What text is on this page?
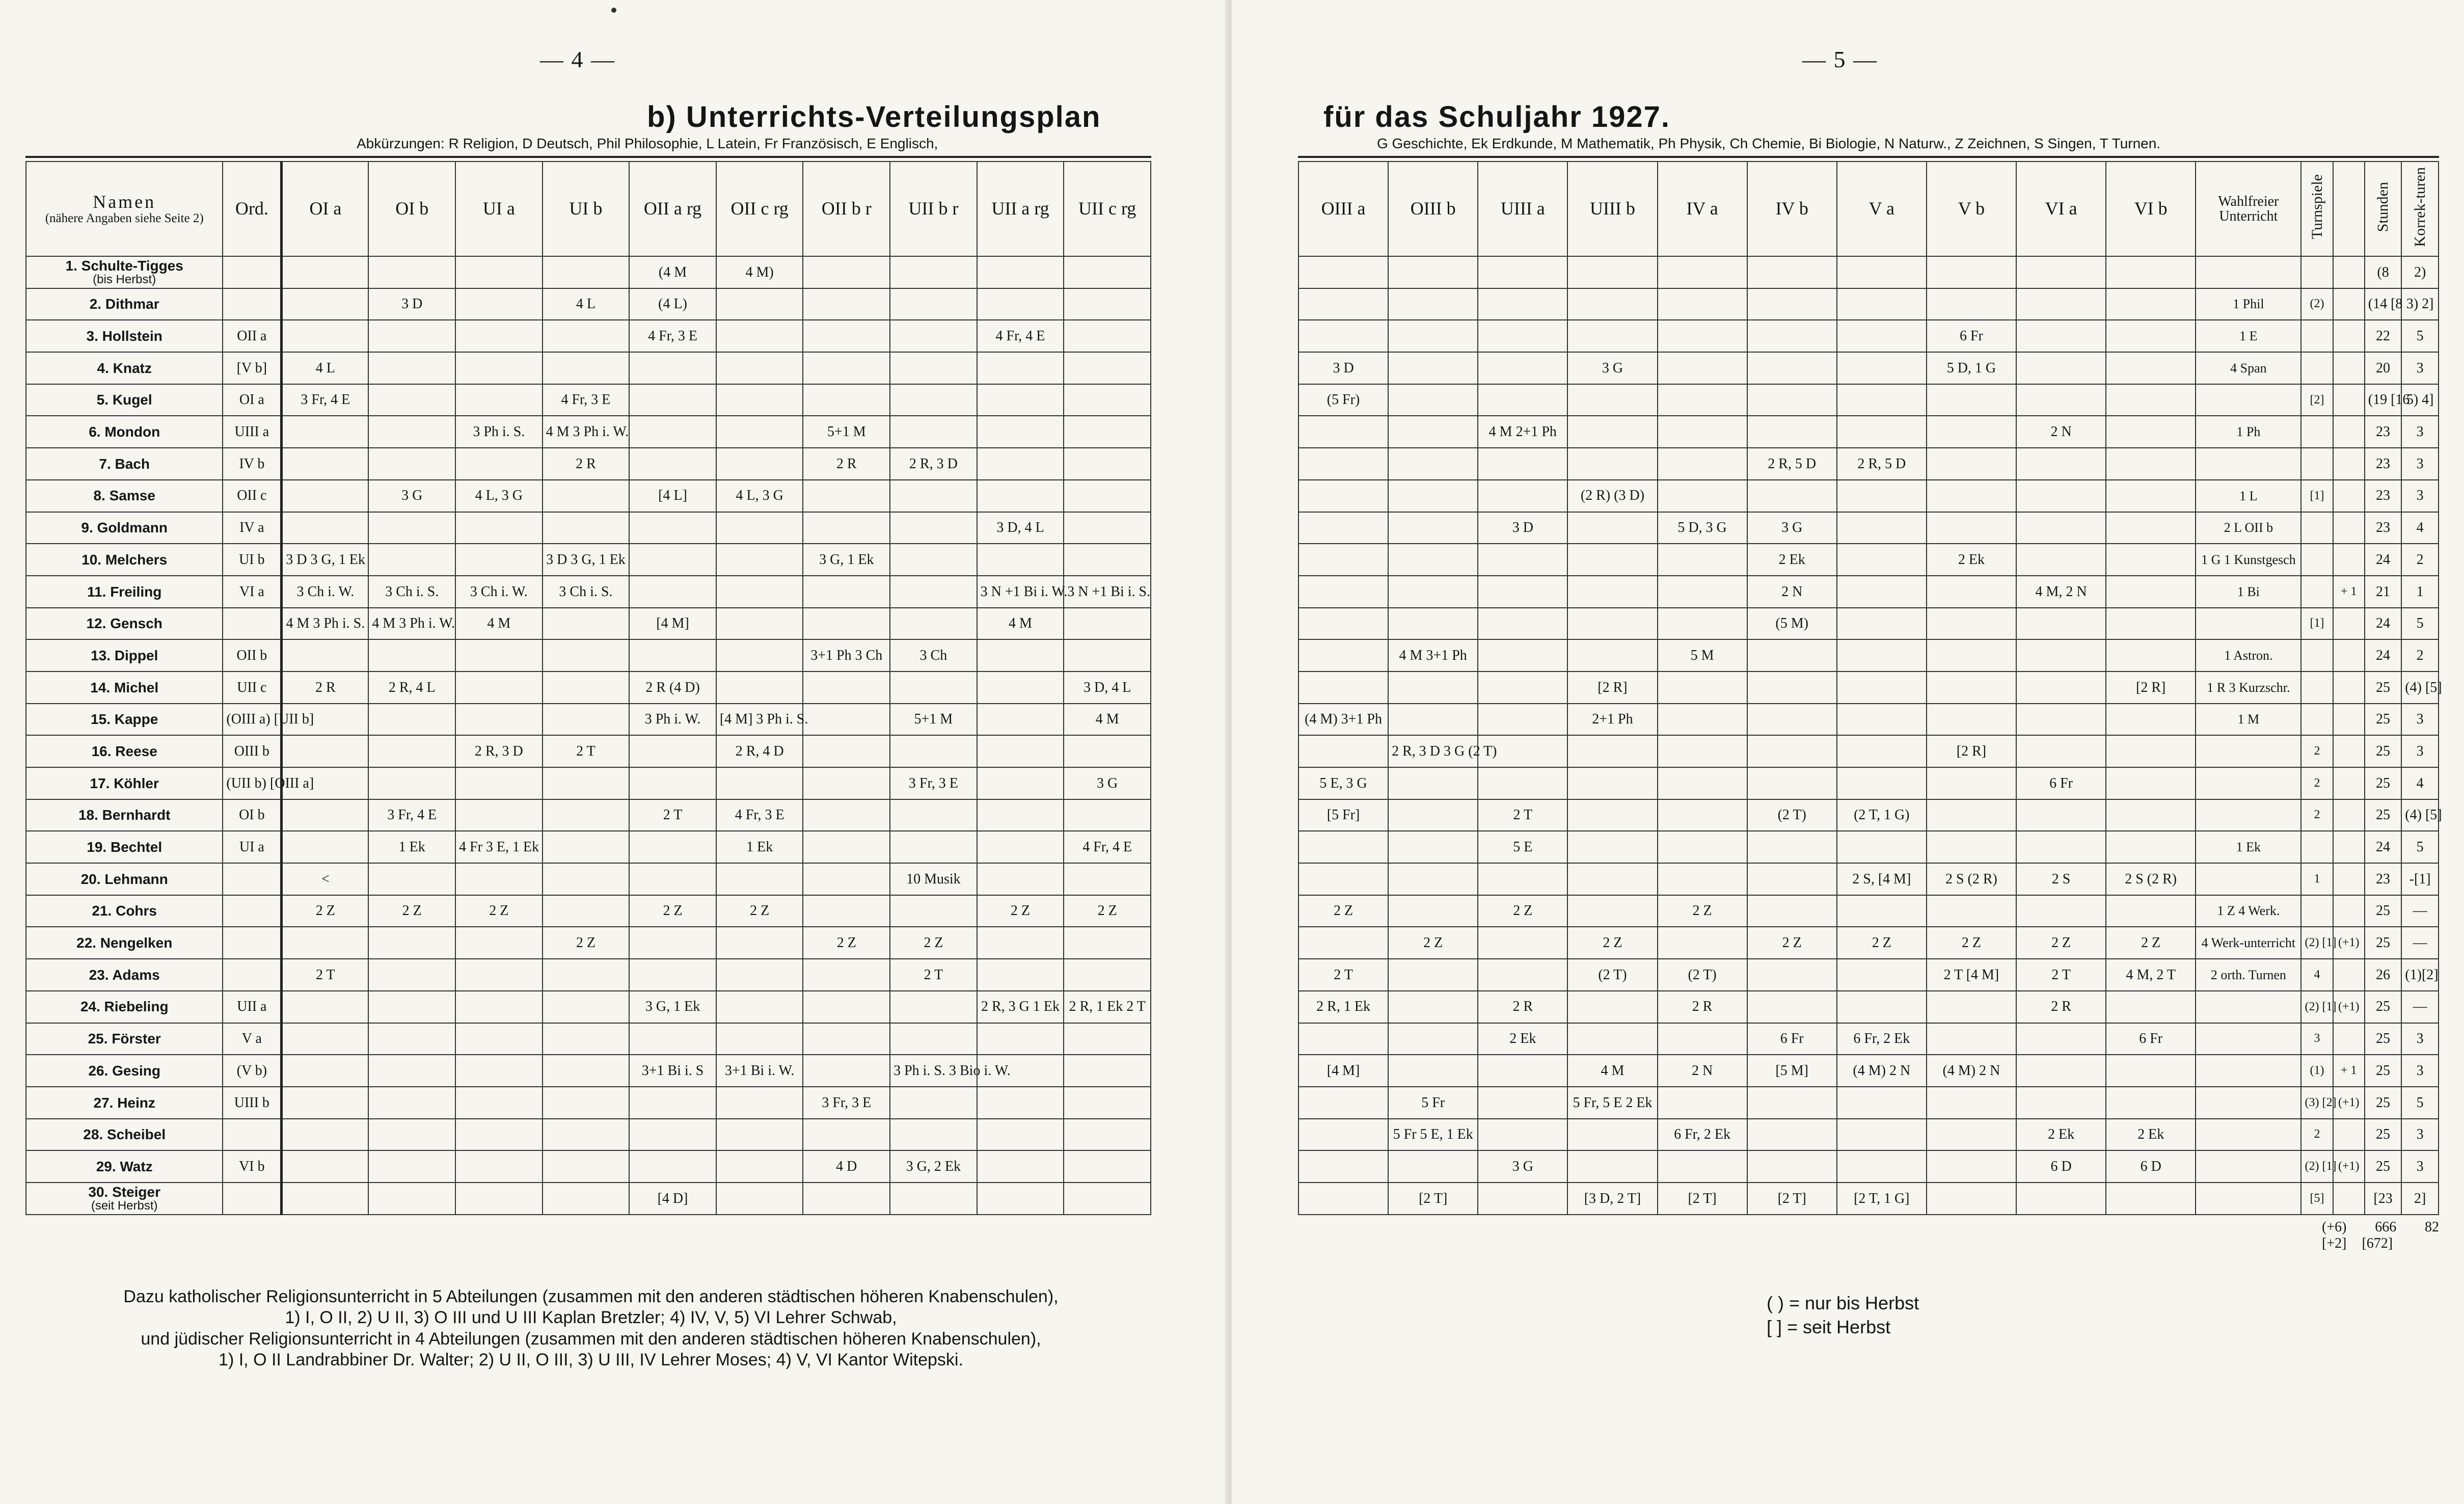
— 4 —
b) Unterrichts-Verteilungsplan
Abkürzungen: R Religion, D Deutsch, Phil Philosophie, L Latein, Fr Französisch, E Englisch,
Namen
(nähere Angaben siehe Seite 2)	Ord.	OI a	OI b	UI a	UI b	OII a rg	OII c rg	OII b r	UII b r	UII a rg	UII c rg
1. Schulte-Tigges
(bis Herbst)						(4 M	4 M)				
2. Dithmar			3 D		4 L	(4 L)					
3. Hollstein	OII a					4 Fr, 3 E				4 Fr, 4 E	
4. Knatz	[V b]	4 L									
5. Kugel	OI a	3 Fr, 4 E			4 Fr, 3 E						
6. Mondon	UIII a			3 Ph i. S.	4 M 3 Ph i. W.			5+1 M			
7. Bach	IV b				2 R			2 R	2 R, 3 D		
8. Samse	OII c		3 G	4 L, 3 G		[4 L]	4 L, 3 G				
9. Goldmann	IV a									3 D, 4 L	
10. Melchers	UI b	3 D 3 G, 1 Ek			3 D 3 G, 1 Ek			3 G, 1 Ek			
11. Freiling	VI a	3 Ch i. W.	3 Ch i. S.	3 Ch i. W.	3 Ch i. S.					3 N +1 Bi i. W.	3 N +1 Bi i. S.
12. Gensch		4 M 3 Ph i. S.	4 M 3 Ph i. W.	4 M		[4 M]				4 M	
13. Dippel	OII b							3+1 Ph 3 Ch	3 Ch		
14. Michel	UII c	2 R	2 R, 4 L			2 R (4 D)					3 D, 4 L
15. Kappe	(OIII a) [UII b]					3 Ph i. W.	[4 M] 3 Ph i. S.		5+1 M		4 M
16. Reese	OIII b			2 R, 3 D	2 T		2 R, 4 D				
17. Köhler	(UII b) [OIII a]								3 Fr, 3 E		3 G
18. Bernhardt	OI b		3 Fr, 4 E			2 T	4 Fr, 3 E				
19. Bechtel	UI a		1 Ek	4 Fr 3 E, 1 Ek			1 Ek				4 Fr, 4 E
20. Lehmann		<							10 Musik		
21. Cohrs		2 Z	2 Z	2 Z		2 Z	2 Z			2 Z	2 Z
22. Nengelken					2 Z			2 Z	2 Z		
23. Adams		2 T							2 T		
24. Riebeling	UII a					3 G, 1 Ek				2 R, 3 G 1 Ek	2 R, 1 Ek 2 T
25. Förster	V a										
26. Gesing	(V b)					3+1 Bi i. S	3+1 Bi i. W.		3 Ph i. S. 3 Bio i. W.		
27. Heinz	UIII b							3 Fr, 3 E			
28. Scheibel											
29. Watz	VI b							4 D	3 G, 2 Ek		
30. Steiger
(seit Herbst)						[4 D]					
Dazu katholischer Religionsunterricht in 5 Abteilungen (zusammen mit den anderen städtischen höheren Knabenschulen),
1) I, O II, 2) U II, 3) O III und U III Kaplan Bretzler; 4) IV, V, 5) VI Lehrer Schwab,
und jüdischer Religionsunterricht in 4 Abteilungen (zusammen mit den anderen städtischen höheren Knabenschulen),
1) I, O II Landrabbiner Dr. Walter; 2) U II, O III, 3) U III, IV Lehrer Moses; 4) V, VI Kantor Witepski.
— 5 —
für das Schuljahr 1927.
G Geschichte, Ek Erdkunde, M Mathematik, Ph Physik, Ch Chemie, Bi Biologie, N Naturw., Z Zeichnen, S Singen, T Turnen.
OIII a	OIII b	UIII a	UIII b	IV a	IV b	V a	V b	VI a	VI b	Wahlfreier Unterricht	Turnspiele		Stunden	Korrek-turen
													(8	2)
										1 Phil	(2)		(14 [8	3) 2]
							6 Fr			1 E			22	5
3 D			3 G				5 D, 1 G			4 Span			20	3
(5 Fr)											[2]		(19 [16	5) 4]
		4 M 2+1 Ph						2 N		1 Ph			23	3
					2 R, 5 D	2 R, 5 D							23	3
			(2 R) (3 D)							1 L	[1]		23	3
		3 D		5 D, 3 G	3 G					2 L OII b			23	4
					2 Ek		2 Ek			1 G 1 Kunstgesch			24	2
					2 N			4 M, 2 N		1 Bi		+ 1	21	1
					(5 M)						[1]		24	5
	4 M 3+1 Ph			5 M						1 Astron.			24	2
			[2 R]						[2 R]	1 R 3 Kurzschr.			25	(4) [5]
(4 M) 3+1 Ph			2+1 Ph							1 M			25	3
	2 R, 3 D 3 G (2 T)						[2 R]				2		25	3
5 E, 3 G								6 Fr			2		25	4
[5 Fr]		2 T			(2 T)	(2 T, 1 G)					2		25	(4) [5]
		5 E								1 Ek			24	5
						2 S, [4 M]	2 S (2 R)	2 S	2 S (2 R)		1		23	-[1]
2 Z		2 Z		2 Z						1 Z 4 Werk.			25	—
	2 Z		2 Z		2 Z	2 Z	2 Z	2 Z	2 Z	4 Werk-unterricht	(2) [1]	(+1)	25	—
2 T			(2 T)	(2 T)			2 T [4 M]	2 T	4 M, 2 T	2 orth. Turnen	4		26	(1)[2]
2 R, 1 Ek		2 R		2 R				2 R			(2) [1]	(+1)	25	—
		2 Ek			6 Fr	6 Fr, 2 Ek			6 Fr		3		25	3
[4 M]			4 M	2 N	[5 M]	(4 M) 2 N	(4 M) 2 N				(1)	+ 1	25	3
	5 Fr		5 Fr, 5 E 2 Ek								(3) [2]	(+1)	25	5
	5 Fr 5 E, 1 Ek			6 Fr, 2 Ek				2 Ek	2 Ek		2		25	3
		3 G						6 D	6 D		(2) [1]	(+1)	25	3
	[2 T]		[3 D, 2 T]	[2 T]	[2 T]	[2 T, 1 G]					[5]		[23	2]
(+6) 666 82
[+2] [672]
( ) = nur bis Herbst
[ ] = seit Herbst
